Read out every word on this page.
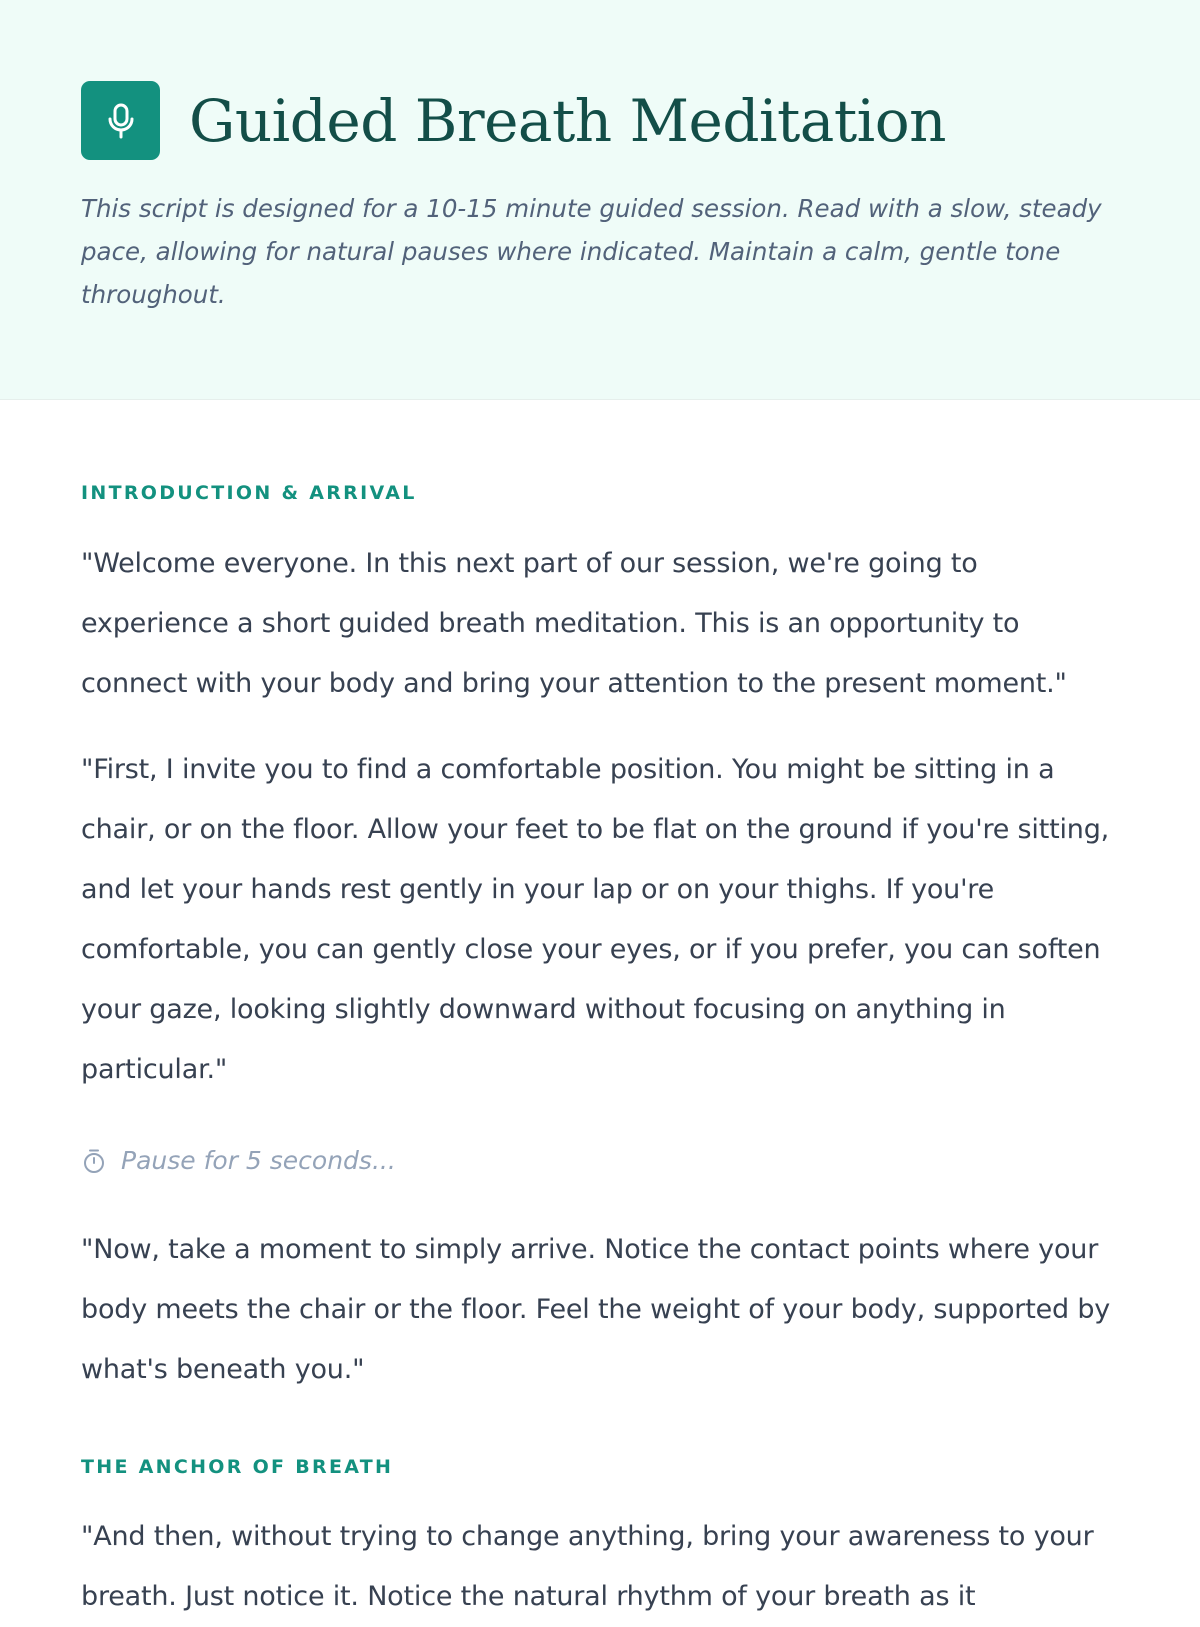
Guided Breath Meditation
This script is designed for a 10-15 minute guided session. Read with a slow, steady pace, allowing for natural pauses where indicated. Maintain a calm, gentle tone throughout.
INTRODUCTION & ARRIVAL
"Welcome everyone. In this next part of our session, we're going to experience a short guided breath meditation. This is an opportunity to connect with your body and bring your attention to the present moment."
"First, I invite you to find a comfortable position. You might be sitting in a chair, or on the floor. Allow your feet to be flat on the ground if you're sitting, and let your hands rest gently in your lap or on your thighs. If you're comfortable, you can gently close your eyes, or if you prefer, you can soften your gaze, looking slightly downward without focusing on anything in particular."
Pause for 5 seconds...
"Now, take a moment to simply arrive. Notice the contact points where your body meets the chair or the floor. Feel the weight of your body, supported by what's beneath you."
THE ANCHOR OF BREATH
"And then, without trying to change anything, bring your awareness to your breath. Just notice it. Notice the natural rhythm of your breath as it
